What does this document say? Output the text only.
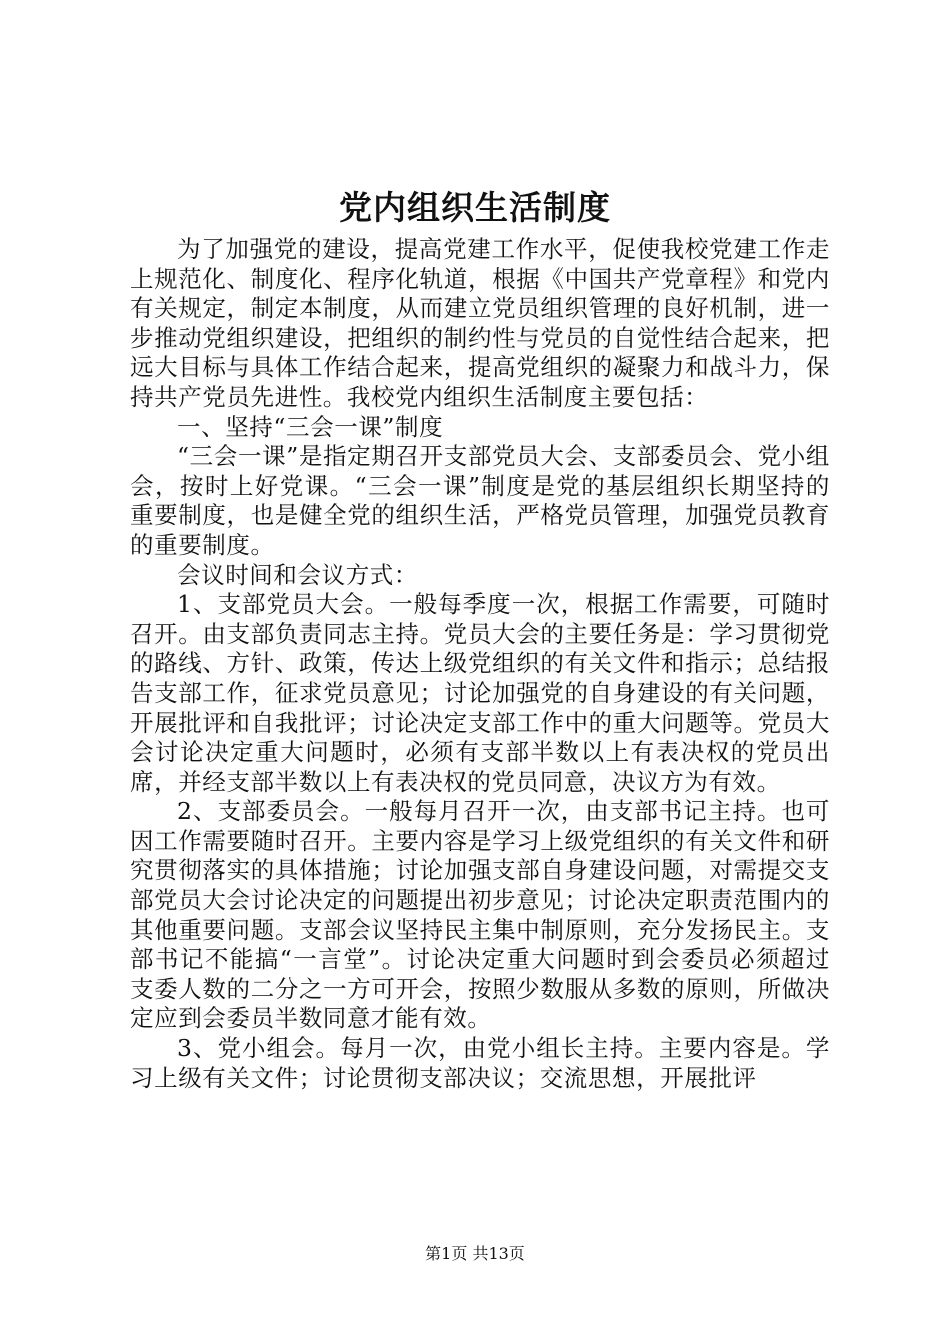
党内组织生活制度

为了加强党的建设，提高党建工作水平，促使我校党建工作走上规范化、制度化、程序化轨道，根据《中国共产党章程》和党内有关规定，制定本制度，从而建立党员组织管理的良好机制，进一步推动党组织建设，把组织的制约性与党员的自觉性结合起来，把远大目标与具体工作结合起来，提高党组织的凝聚力和战斗力，保持共产党员先进性。我校党内组织生活制度主要包括：

一、坚持“三会一课”制度

“三会一课”是指定期召开支部党员大会、支部委员会、党小组会，按时上好党课。“三会一课”制度是党的基层组织长期坚持的重要制度，也是健全党的组织生活，严格党员管理，加强党员教育的重要制度。

会议时间和会议方式：

1、支部党员大会。一般每季度一次，根据工作需要，可随时召开。由支部负责同志主持。党员大会的主要任务是：学习贯彻党的路线、方针、政策，传达上级党组织的有关文件和指示；总结报告支部工作，征求党员意见；讨论加强党的自身建设的有关问题，开展批评和自我批评；讨论决定支部工作中的重大问题等。党员大会讨论决定重大问题时，必须有支部半数以上有表决权的党员出席，并经支部半数以上有表决权的党员同意，决议方为有效。

2、支部委员会。一般每月召开一次，由支部书记主持。也可因工作需要随时召开。主要内容是学习上级党组织的有关文件和研究贯彻落实的具体措施；讨论加强支部自身建设问题，对需提交支部党员大会讨论决定的问题提出初步意见；讨论决定职责范围内的其他重要问题。支部会议坚持民主集中制原则，充分发扬民主。支部书记不能搞“一言堂”。讨论决定重大问题时到会委员必须超过支委人数的二分之一方可开会，按照少数服从多数的原则，所做决定应到会委员半数同意才能有效。

3、党小组会。每月一次，由党小组长主持。主要内容是。学习上级有关文件；讨论贯彻支部决议；交流思想，开展批评

第1页 共13页
